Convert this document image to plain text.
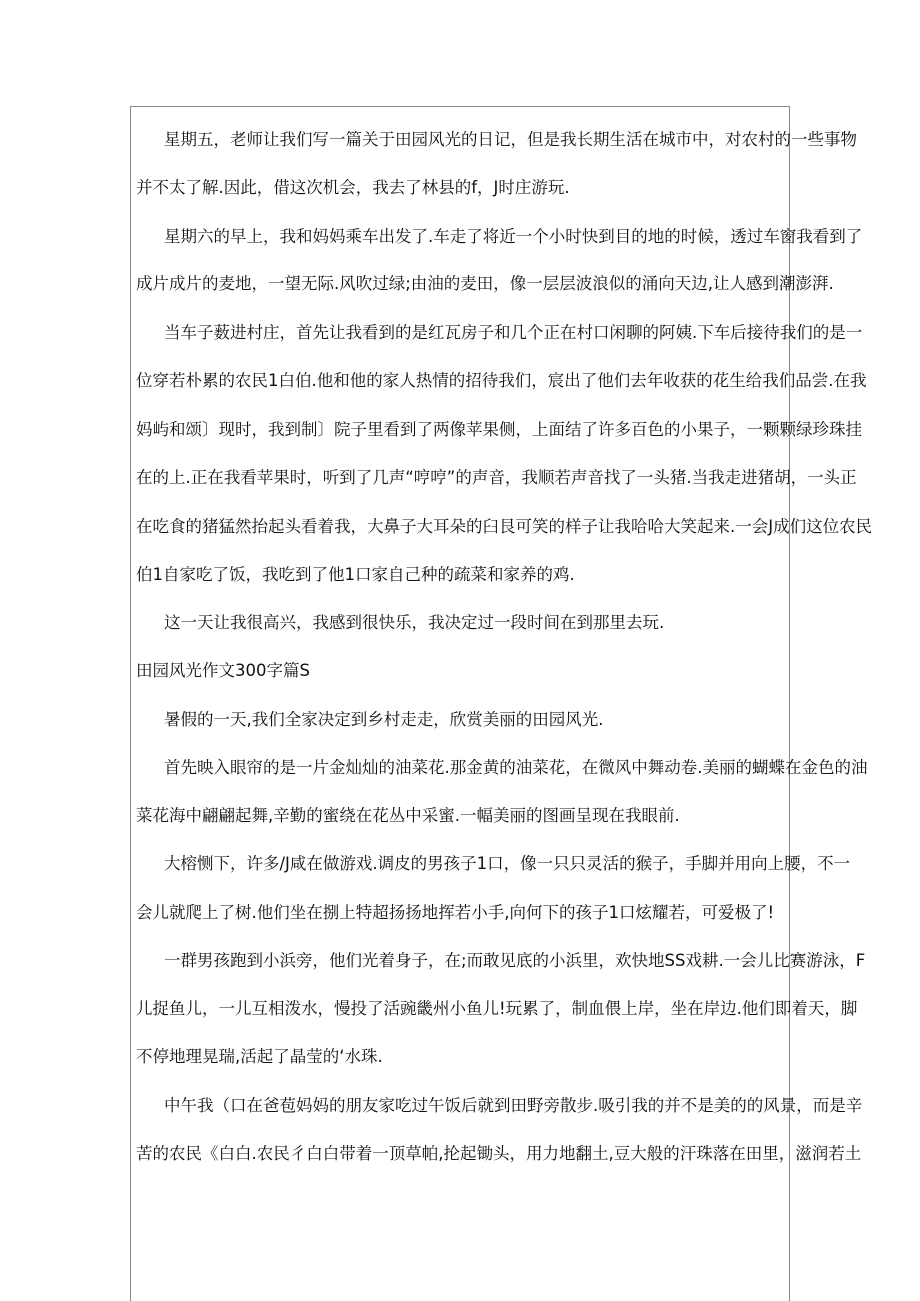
星期五，老师让我们写一篇关于田园风光的日记，但是我长期生活在城市中，对农村的一些事物
并不太了解.因此，借这次机会，我去了林县的f，J时庄游玩.
星期六的早上，我和妈妈乘车出发了.车走了将近一个小时快到目的地的时候，透过车窗我看到了
成片成片的麦地，一望无际.风吹过绿;由油的麦田，像一层层波浪似的涌向天边,让人感到潮澎湃.
当车子薮进村庄，首先让我看到的是红瓦房子和几个正在村口闲聊的阿姨.下车后接待我们的是一
位穿若朴累的农民1白伯.他和他的家人热情的招待我们，宸出了他们去年收获的花生给我们品尝.在我
妈屿和颂〕现时，我到制〕院子里看到了两像苹果侧，上面结了许多百色的小果子，一颗颗绿珍珠挂
在的上.正在我看苹果时，听到了几声“哼哼”的声音，我顺若声音找了一头猪.当我走进猪胡，一头正
在吃食的猪猛然抬起头看着我，大鼻子大耳朵的臼艮可笑的样子让我哈哈大笑起来.一会J成们这位农民
伯1自家吃了饭，我吃到了他1口家自己种的疏菜和家养的鸡.
这一天让我很高兴，我感到很快乐，我决定过一段时间在到那里去玩.
田园风光作文300字篇S
暑假的一天,我们全家决定到乡村走走，欣赏美丽的田园风光.
首先映入眼帘的是一片金灿灿的油菜花.那金黄的油菜花，在微风中舞动卷.美丽的蝴蝶在金色的油
菜花海中翩翩起舞,辛勤的蜜绕在花丛中采蜜.一幅美丽的图画呈现在我眼前.
大榕恻下，许多/J咸在做游戏.调皮的男孩子1口，像一只只灵活的猴子，手脚并用向上腰，不一
会儿就爬上了树.他们坐在捌上特超扬扬地挥若小手,向何下的孩子1口炫耀若，可爱极了!
一群男孩跑到小浜旁，他们光着身子，在;而敢见底的小浜里，欢快地SS戏耕.一会儿比赛游泳，F
儿捉鱼儿，一儿互相泼水，慢投了活豌畿州小鱼儿!玩累了，制血偎上岸，坐在岸边.他们即着天，脚
不停地理晃瑞,活起了晶莹的‘水珠.
中午我（口在爸苞妈妈的朋友家吃过午饭后就到田野旁散步.吸引我的并不是美的的风景，而是辛
苦的农民《白白.农民彳白白带着一顶草帕,抡起锄头，用力地翻土,豆大般的汗珠落在田里，滋润若土
